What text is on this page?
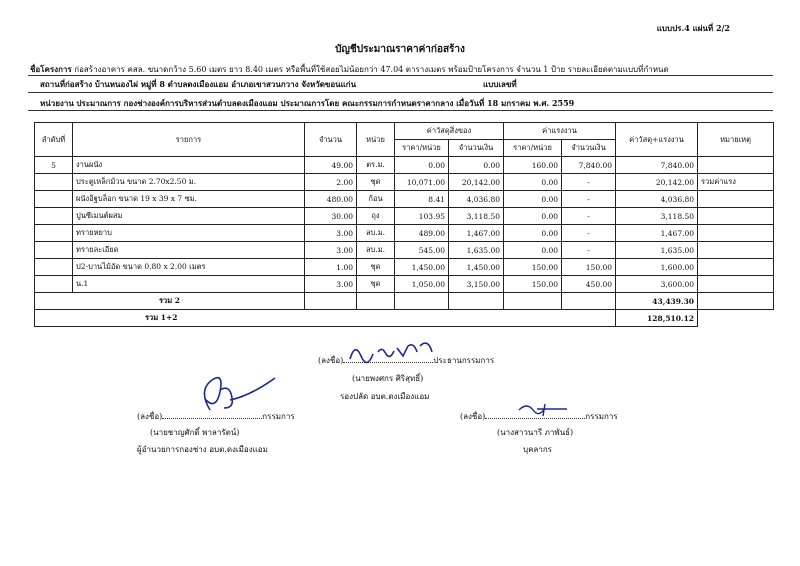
แบบปร.4 แผ่นที่ 2/2
บัญชีประมาณราคาค่าก่อสร้าง
ชื่อโครงการ ก่อสร้างอาคาร คสล. ขนาดกว้าง 5.60 เมตร ยาว 8.40 เมตร หรือพื้นที่ใช้สอยไม่น้อยกว่า 47.04 ตารางเมตร พร้อมป้ายโครงการ จำนวน 1 ป้าย รายละเอียดตามแบบที่กำหนด
สถานที่ก่อสร้าง บ้านหนองไผ่ หมู่ที่ 8 ตำบลดงเมืองแอม อำเภอเขาสวนกวาง จังหวัดขอนแก่น	แบบเลขที่
หน่วยงาน ประมาณการ กองช่างองค์การบริหารส่วนตำบลดงเมืองแอม ประมาณการโดย คณะกรรมการกำหนดราคากลาง เมื่อวันที่ 18 มกราคม พ.ศ. 2559
ลำดับที่	รายการ	จำนวน	หน่วย	ค่าวัสดุสิ่งของ		ค่าแรงงาน		ค่าวัสดุ+แรงงาน	หมายเหตุ
				ราคา/หน่วย	จำนวนเงิน	ราคา/หน่วย	จำนวนเงิน		
5	งานผนัง	49.00	ตร.ม.	0.00	0.00	160.00	7,840.00	7,840.00	
	ประตูเหล็กม้วน ขนาด 2.70x2.50 ม.	2.00	ชุด	10,071.00	20,142.00	0.00	-	20,142.00	รวมค่าแรง
	ผนังอิฐบล็อก ขนาด 19 x 39 x 7 ซม.	480.00	ก้อน	8.41	4,036.80	0.00	-	4,036.80	
	ปูนซีเมนต์ผสม	30.00	ถุง	103.95	3,118.50	0.00	-	3,118.50	
	ทรายหยาบ	3.00	ลบ.ม.	489.00	1,467.00	0.00	-	1,467.00	
	ทรายละเอียด	3.00	ลบ.ม.	545.00	1,635.00	0.00	-	1,635.00	
	ป2-บานไม้อัด ขนาด 0.80 x 2.00 เมตร	1.00	ชุด	1,450.00	1,450.00	150.00	150.00	1,600.00	
	น.1	3.00	ชุด	1,050.00	3,150.00	150.00	450.00	3,600.00	
รวม 2								43,439.30	
รวม 1+2								128,510.12	
(ลงชื่อ)	ประธานกรรมการ
(นายพงศกร ศิริสุทธิ์)
รองปลัด อบต.ดงเมืองแอม
(ลงชื่อ)	กรรมการ
(นายชาญศักดิ์ พาลารัตน์)
ผู้อำนวยการกองช่าง อบต.ดงเมืองแอม
(ลงชื่อ)	กรรมการ
(นางสาวนารี ภาพันธ์)
บุคลากร
